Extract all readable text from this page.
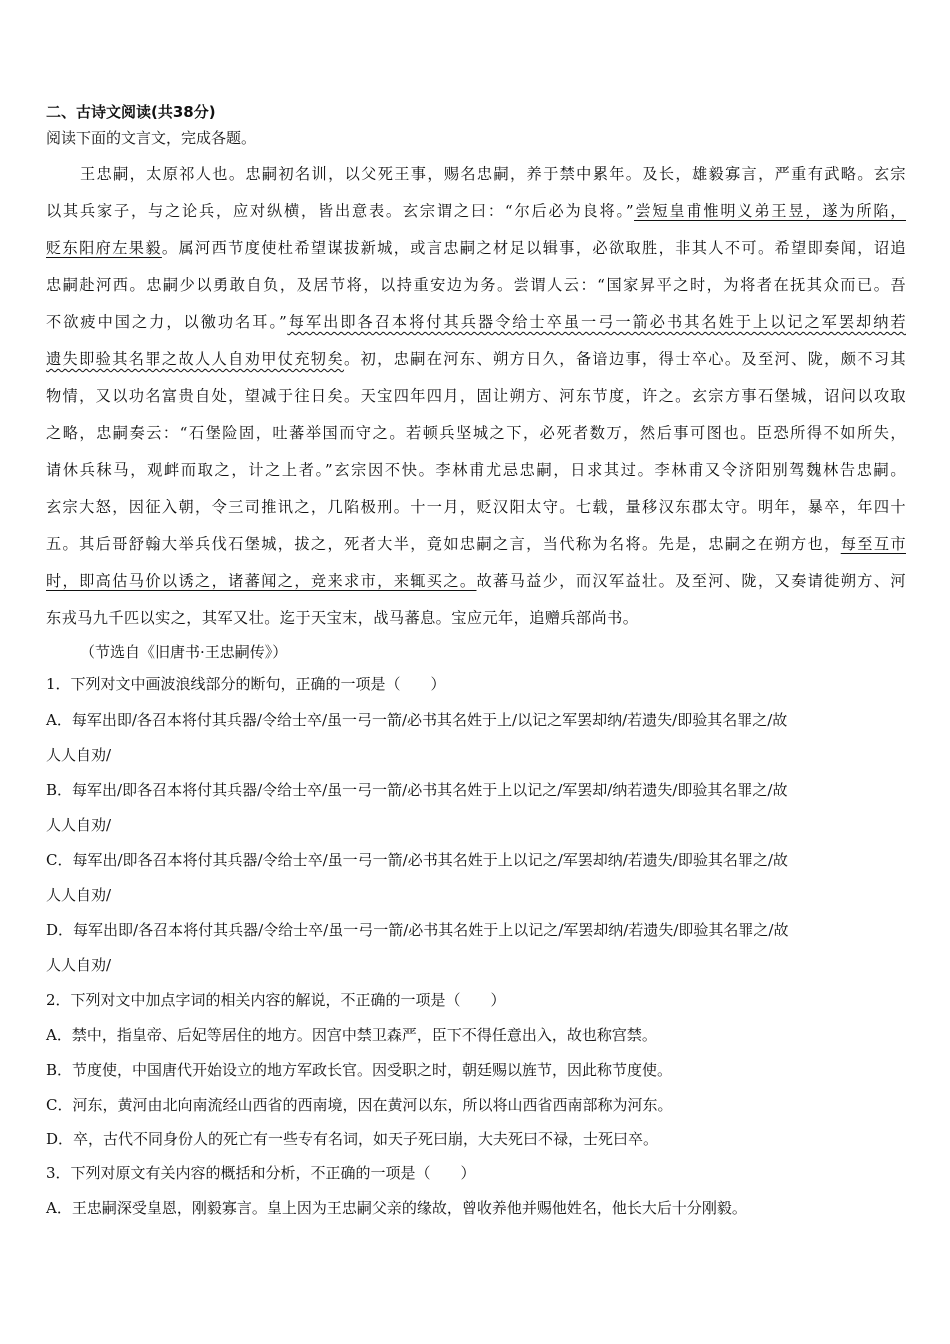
二、古诗文阅读(共38分)
阅读下面的文言文，完成各题。
王忠嗣，太原祁人也。忠嗣初名训，以父死王事，赐名忠嗣，养于禁中累年。及长，雄毅寡言，严重有武略。玄宗
以其兵家子，与之论兵，应对纵横，皆出意表。玄宗谓之曰：“尔后必为良将。”尝短皇甫惟明义弟王昱，遂为所陷，
贬东阳府左果毅。属河西节度使杜希望谋拔新城，或言忠嗣之材足以辑事，必欲取胜，非其人不可。希望即奏闻，诏追
忠嗣赴河西。忠嗣少以勇敢自负，及居节将，以持重安边为务。尝谓人云：“国家昇平之时，为将者在抚其众而已。吾
不欲疲中国之力，以徼功名耳。”每军出即各召本将付其兵器令给士卒虽一弓一箭必书其名姓于上以记之军罢却纳若
遗失即验其名罪之故人人自劝甲仗充牣矣。初，忠嗣在河东、朔方日久，备谙边事，得士卒心。及至河、陇，颇不习其
物情，又以功名富贵自处，望减于往日矣。天宝四年四月，固让朔方、河东节度，许之。玄宗方事石堡城，诏问以攻取
之略，忠嗣奏云：“石堡险固，吐蕃举国而守之。若顿兵坚城之下，必死者数万，然后事可图也。臣恐所得不如所失，
请休兵秣马，观衅而取之，计之上者。”玄宗因不快。李林甫尤忌忠嗣，日求其过。李林甫又令济阳别驾魏林告忠嗣。
玄宗大怒，因征入朝，令三司推讯之，几陷极刑。十一月，贬汉阳太守。七载，量移汉东郡太守。明年，暴卒，年四十
五。其后哥舒翰大举兵伐石堡城，拔之，死者大半，竟如忠嗣之言，当代称为名将。先是，忠嗣之在朔方也，每至互市
时，即高估马价以诱之，诸蕃闻之，竞来求市，来辄买之。故蕃马益少，而汉军益壮。及至河、陇，又奏请徙朔方、河
东戎马九千匹以实之，其军又壮。迄于天宝末，战马蕃息。宝应元年，追赠兵部尚书。
（节选自《旧唐书·王忠嗣传》）
1．下列对文中画波浪线部分的断句，正确的一项是（　　）
A．每军出即/各召本将付其兵器/令给士卒/虽一弓一箭/必书其名姓于上/以记之军罢却纳/若遗失/即验其名罪之/故
人人自劝/
B．每军出/即各召本将付其兵器/令给士卒/虽一弓一箭/必书其名姓于上以记之/军罢却/纳若遗失/即验其名罪之/故
人人自劝/
C．每军出/即各召本将付其兵器/令给士卒/虽一弓一箭/必书其名姓于上以记之/军罢却纳/若遗失/即验其名罪之/故
人人自劝/
D．每军出即/各召本将付其兵器/令给士卒/虽一弓一箭/必书其名姓于上以记之/军罢却纳/若遗失/即验其名罪之/故
人人自劝/
2．下列对文中加点字词的相关内容的解说，不正确的一项是（　　）
A．禁中，指皇帝、后妃等居住的地方。因宫中禁卫森严，臣下不得任意出入，故也称宫禁。
B．节度使，中国唐代开始设立的地方军政长官。因受职之时，朝廷赐以旌节，因此称节度使。
C．河东，黄河由北向南流经山西省的西南境，因在黄河以东，所以将山西省西南部称为河东。
D．卒，古代不同身份人的死亡有一些专有名词，如天子死曰崩，大夫死曰不禄，士死曰卒。
3．下列对原文有关内容的概括和分析，不正确的一项是（　　）
A．王忠嗣深受皇恩，刚毅寡言。皇上因为王忠嗣父亲的缘故，曾收养他并赐他姓名，他长大后十分刚毅。
